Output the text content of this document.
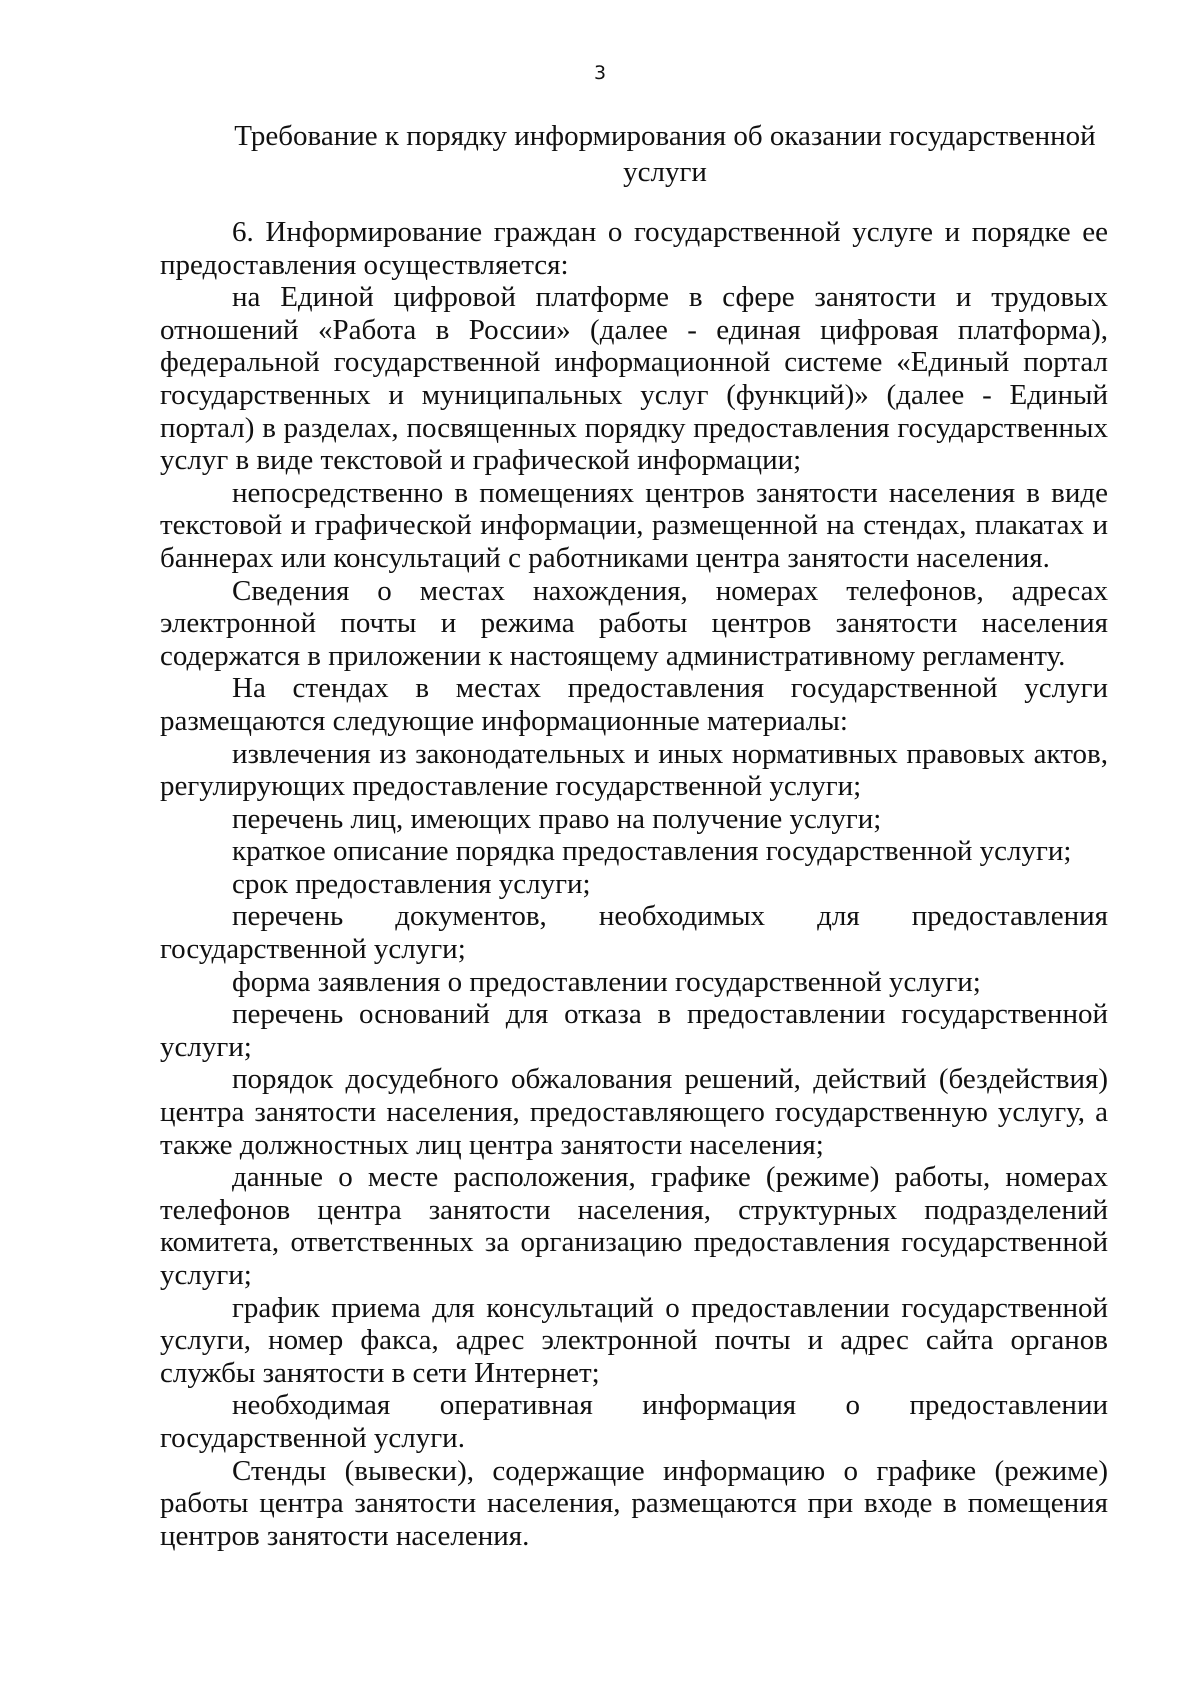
3
Требование к порядку информирования об оказании государственной услуги

6. Информирование граждан о государственной услуге и порядке ее предоставления осуществляется:

на Единой цифровой платформе в сфере занятости и трудовых отношений «Работа в России» (далее - единая цифровая платформа), федеральной государственной информационной системе «Единый портал государственных и муниципальных услуг (функций)» (далее - Единый портал) в разделах, посвященных порядку предоставления государственных услуг в виде текстовой и графической информации;

непосредственно в помещениях центров занятости населения в виде текстовой и графической информации, размещенной на стендах, плакатах и баннерах или консультаций с работниками центра занятости населения.

Сведения о местах нахождения, номерах телефонов, адресах электронной почты и режима работы центров занятости населения содержатся в приложении к настоящему административному регламенту.

На стендах в местах предоставления государственной услуги размещаются следующие информационные материалы:

извлечения из законодательных и иных нормативных правовых актов, регулирующих предоставление государственной услуги;

перечень лиц, имеющих право на получение услуги;

краткое описание порядка предоставления государственной услуги;

срок предоставления услуги;

перечень документов, необходимых для предоставления государственной услуги;

форма заявления о предоставлении государственной услуги;

перечень оснований для отказа в предоставлении государственной услуги;

порядок досудебного обжалования решений, действий (бездействия) центра занятости населения, предоставляющего государственную услугу, а также должностных лиц центра занятости населения;

данные о месте расположения, графике (режиме) работы, номерах телефонов центра занятости населения, структурных подразделений комитета, ответственных за организацию предоставления государственной услуги;

график приема для консультаций о предоставлении государственной услуги, номер факса, адрес электронной почты и адрес сайта органов службы занятости в сети Интернет;

необходимая оперативная информация о предоставлении государственной услуги.

Стенды (вывески), содержащие информацию о графике (режиме) работы центра занятости населения, размещаются при входе в помещения центров занятости населения.
